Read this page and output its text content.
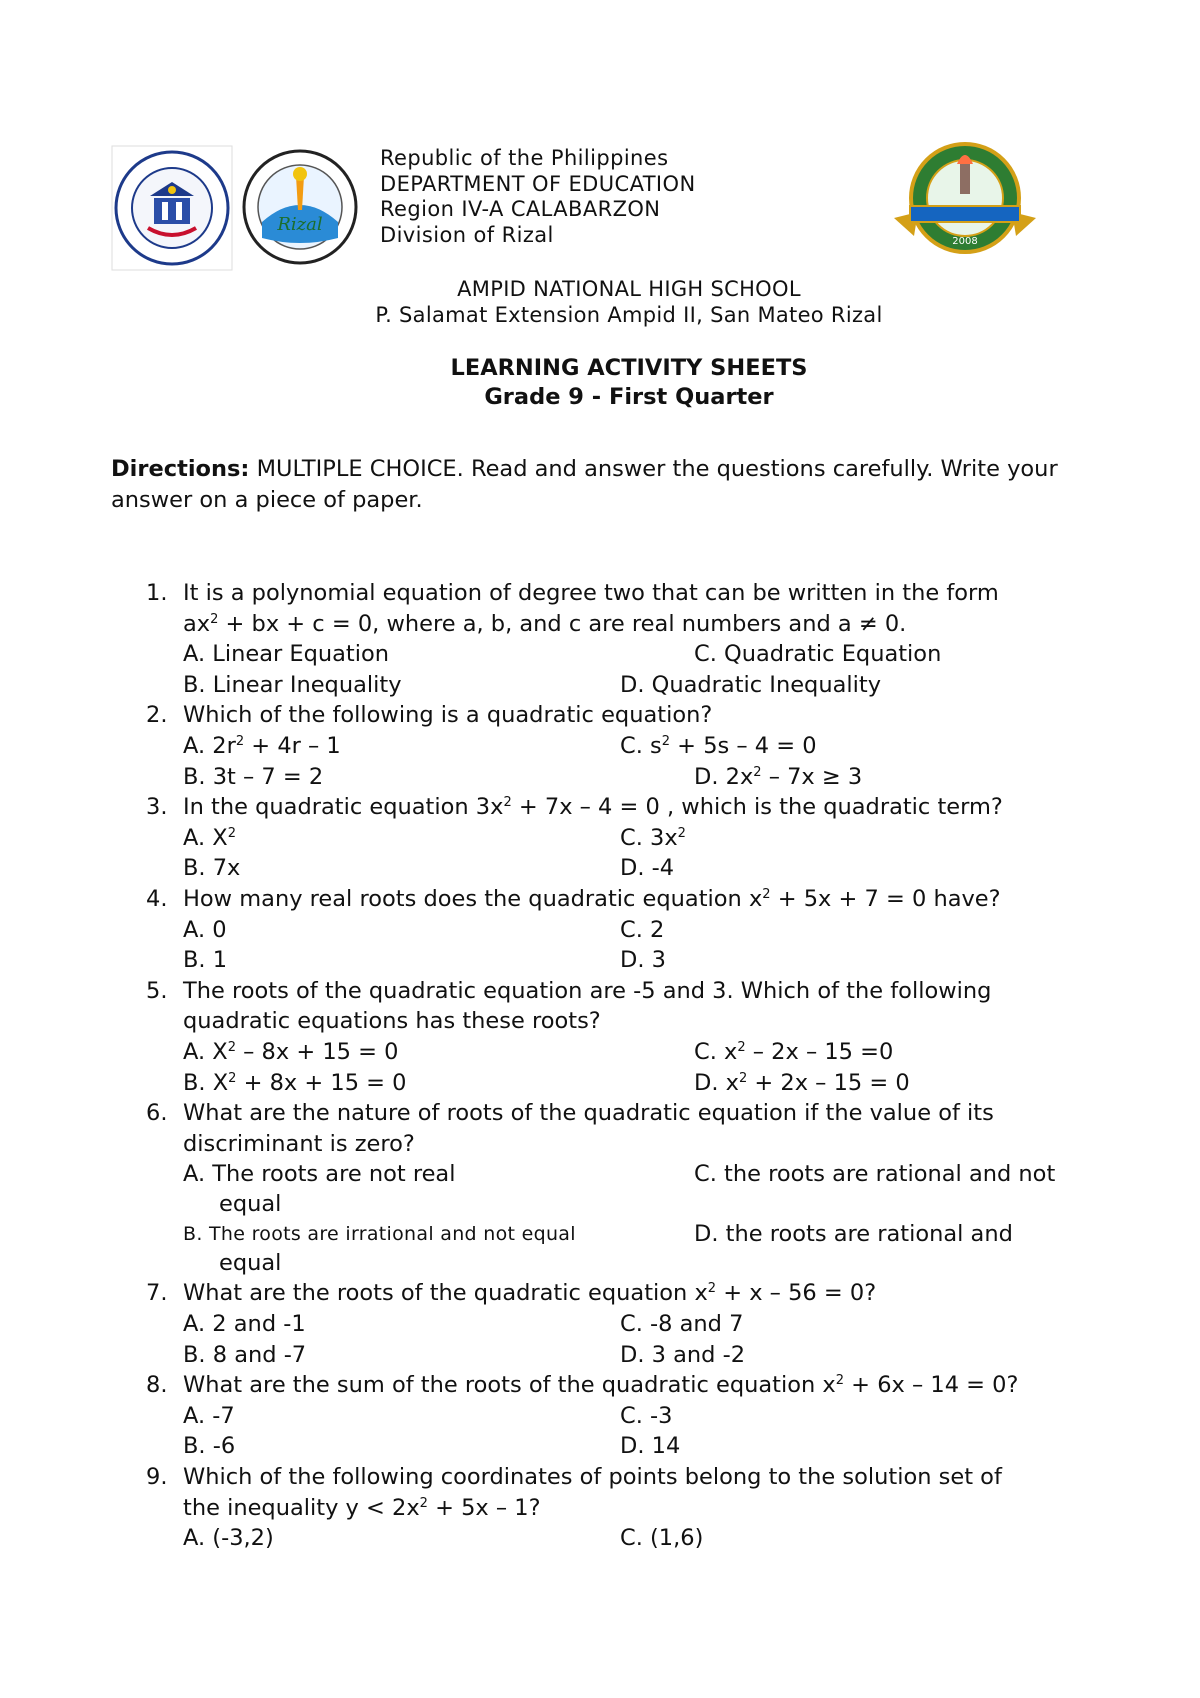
Rizal
2008
Republic of the Philippines
DEPARTMENT OF EDUCATION
Region IV-A CALABARZON
Division of Rizal
AMPID NATIONAL HIGH SCHOOL
P. Salamat Extension Ampid II, San Mateo Rizal
LEARNING ACTIVITY SHEETS
Grade 9 - First Quarter
Directions: MULTIPLE CHOICE. Read and answer the questions carefully. Write your answer on a piece of paper.
1. It is a polynomial equation of degree two that can be written in the form
$ax^2$ + bx + c = 0, where a, b, and c are real numbers and a ≠ 0.
A. Linear Equation	C. Quadratic Equation
B. Linear Inequality	D. Quadratic Inequality
2. Which of the following is a quadratic equation?
A. $2r^2 + 4r - 1$	C. $s^2 + 5s - 4 = 0$
B. 3t – 7 = 2	D. $2x^2 - 7x \ge 3$
3. In the quadratic equation $3x^2 + 7x - 4 = 0$ , which is the quadratic term?
A. $X^2$	C. $3x^2$
B. 7x	D. -4
4. How many real roots does the quadratic equation $x^2 + 5x + 7 = 0$ have?
A. 0	C. 2
B. 1	D. 3
5. The roots of the quadratic equation are -5 and 3. Which of the following
quadratic equations has these roots?
A. $X^2 - 8x + 15 = 0$	C. $x^2 - 2x - 15 =0$
B. $X^2 + 8x + 15 = 0$	D. $x^2 + 2x - 15 = 0$
6. What are the nature of roots of the quadratic equation if the value of its
discriminant is zero?
A. The roots are not real	C. the roots are rational and not
equal
B. The roots are irrational and not equal	D. the roots are rational and
equal
7. What are the roots of the quadratic equation $x^2 + x - 56 = 0$?
A. 2 and -1	C. -8 and 7
B. 8 and -7	D. 3 and -2
8. What are the sum of the roots of the quadratic equation $x^2 + 6x - 14 = 0$?
A. -7	C. -3
B. -6	D. 14
9. Which of the following coordinates of points belong to the solution set of
the inequality $y < 2x^2 + 5x - 1$?
A. (-3,2)	C. (1,6)
